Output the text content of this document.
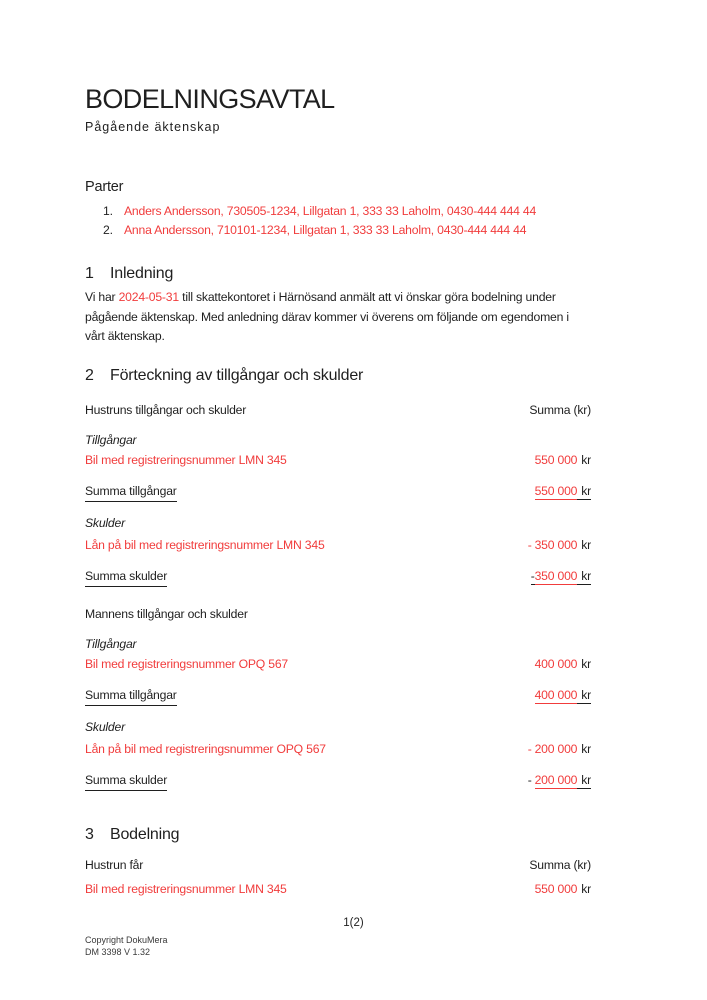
BODELNINGSAVTAL
Pågående äktenskap
Parter
1. Anders Andersson, 730505-1234, Lillgatan 1, 333 33 Laholm, 0430-444 444 44
2. Anna Andersson, 710101-1234, Lillgatan 1, 333 33 Laholm, 0430-444 444 44
1 Inledning
Vi har 2024-05-31 till skattekontoret i Härnösand anmält att vi önskar göra bodelning under
pågående äktenskap. Med anledning därav kommer vi överens om följande om egendomen i
vårt äktenskap.
2 Förteckning av tillgångar och skulder
Hustruns tillgångar och skulder	Summa (kr)
Tillgångar
Bil med registreringsnummer LMN 345	550 000 kr
Summa tillgångar	550 000 kr
Skulder
Lån på bil med registreringsnummer LMN 345	- 350 000 kr
Summa skulder	-350 000 kr
Mannens tillgångar och skulder
Tillgångar
Bil med registreringsnummer OPQ 567	400 000 kr
Summa tillgångar	400 000 kr
Skulder
Lån på bil med registreringsnummer OPQ 567	- 200 000 kr
Summa skulder	- 200 000 kr
3 Bodelning
Hustrun får	Summa (kr)
Bil med registreringsnummer LMN 345	550 000 kr
1(2)
Copyright DokuMera
DM 3398 V 1.32
